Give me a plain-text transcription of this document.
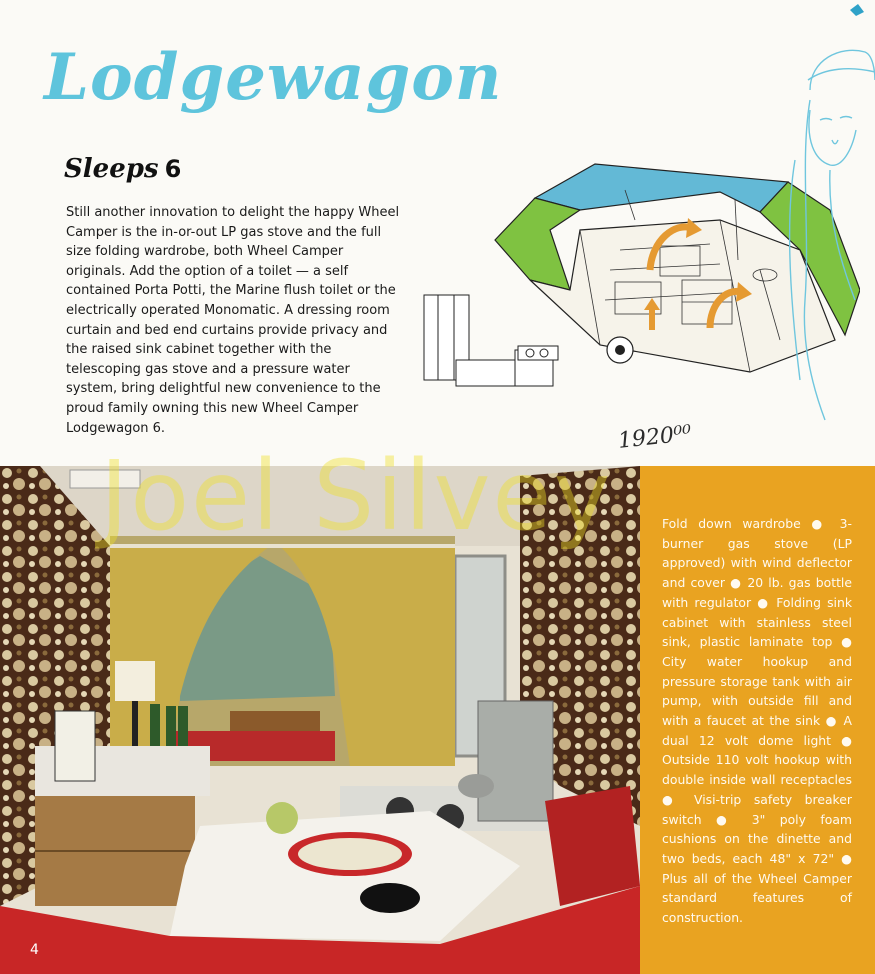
Lodgewagon
Sleeps 6

Still another innovation to delight the happy Wheel Camper is the in-or-out LP gas stove and the full size folding wardrobe, both Wheel Camper originals. Add the option of a toilet — a self contained Porta Potti, the Marine flush toilet or the electrically operated Monomatic. A dressing room curtain and bed end curtains provide privacy and the raised sink cabinet together with the telescoping gas stove and a pressure water system, bring delightful new convenience to the proud family owning this new Wheel Camper Lodgewagon 6.	1920⁰⁰

Fold down wardrobe ● 3-burner gas stove (LP approved) with wind deflector and cover ● 20 lb. gas bottle with regulator ● Folding sink cabinet with stainless steel sink, plastic laminate top ● City water hookup and pressure storage tank with air pump, with outside fill and with a faucet at the sink ● A dual 12 volt dome light ● Outside 110 volt hookup with double inside wall receptacles ● Visi-trip safety breaker switch ● 3" poly foam cushions on the dinette and two beds, each 48" x 72" ● Plus all of the Wheel Camper standard features of construction.

Joel Silvey
4
